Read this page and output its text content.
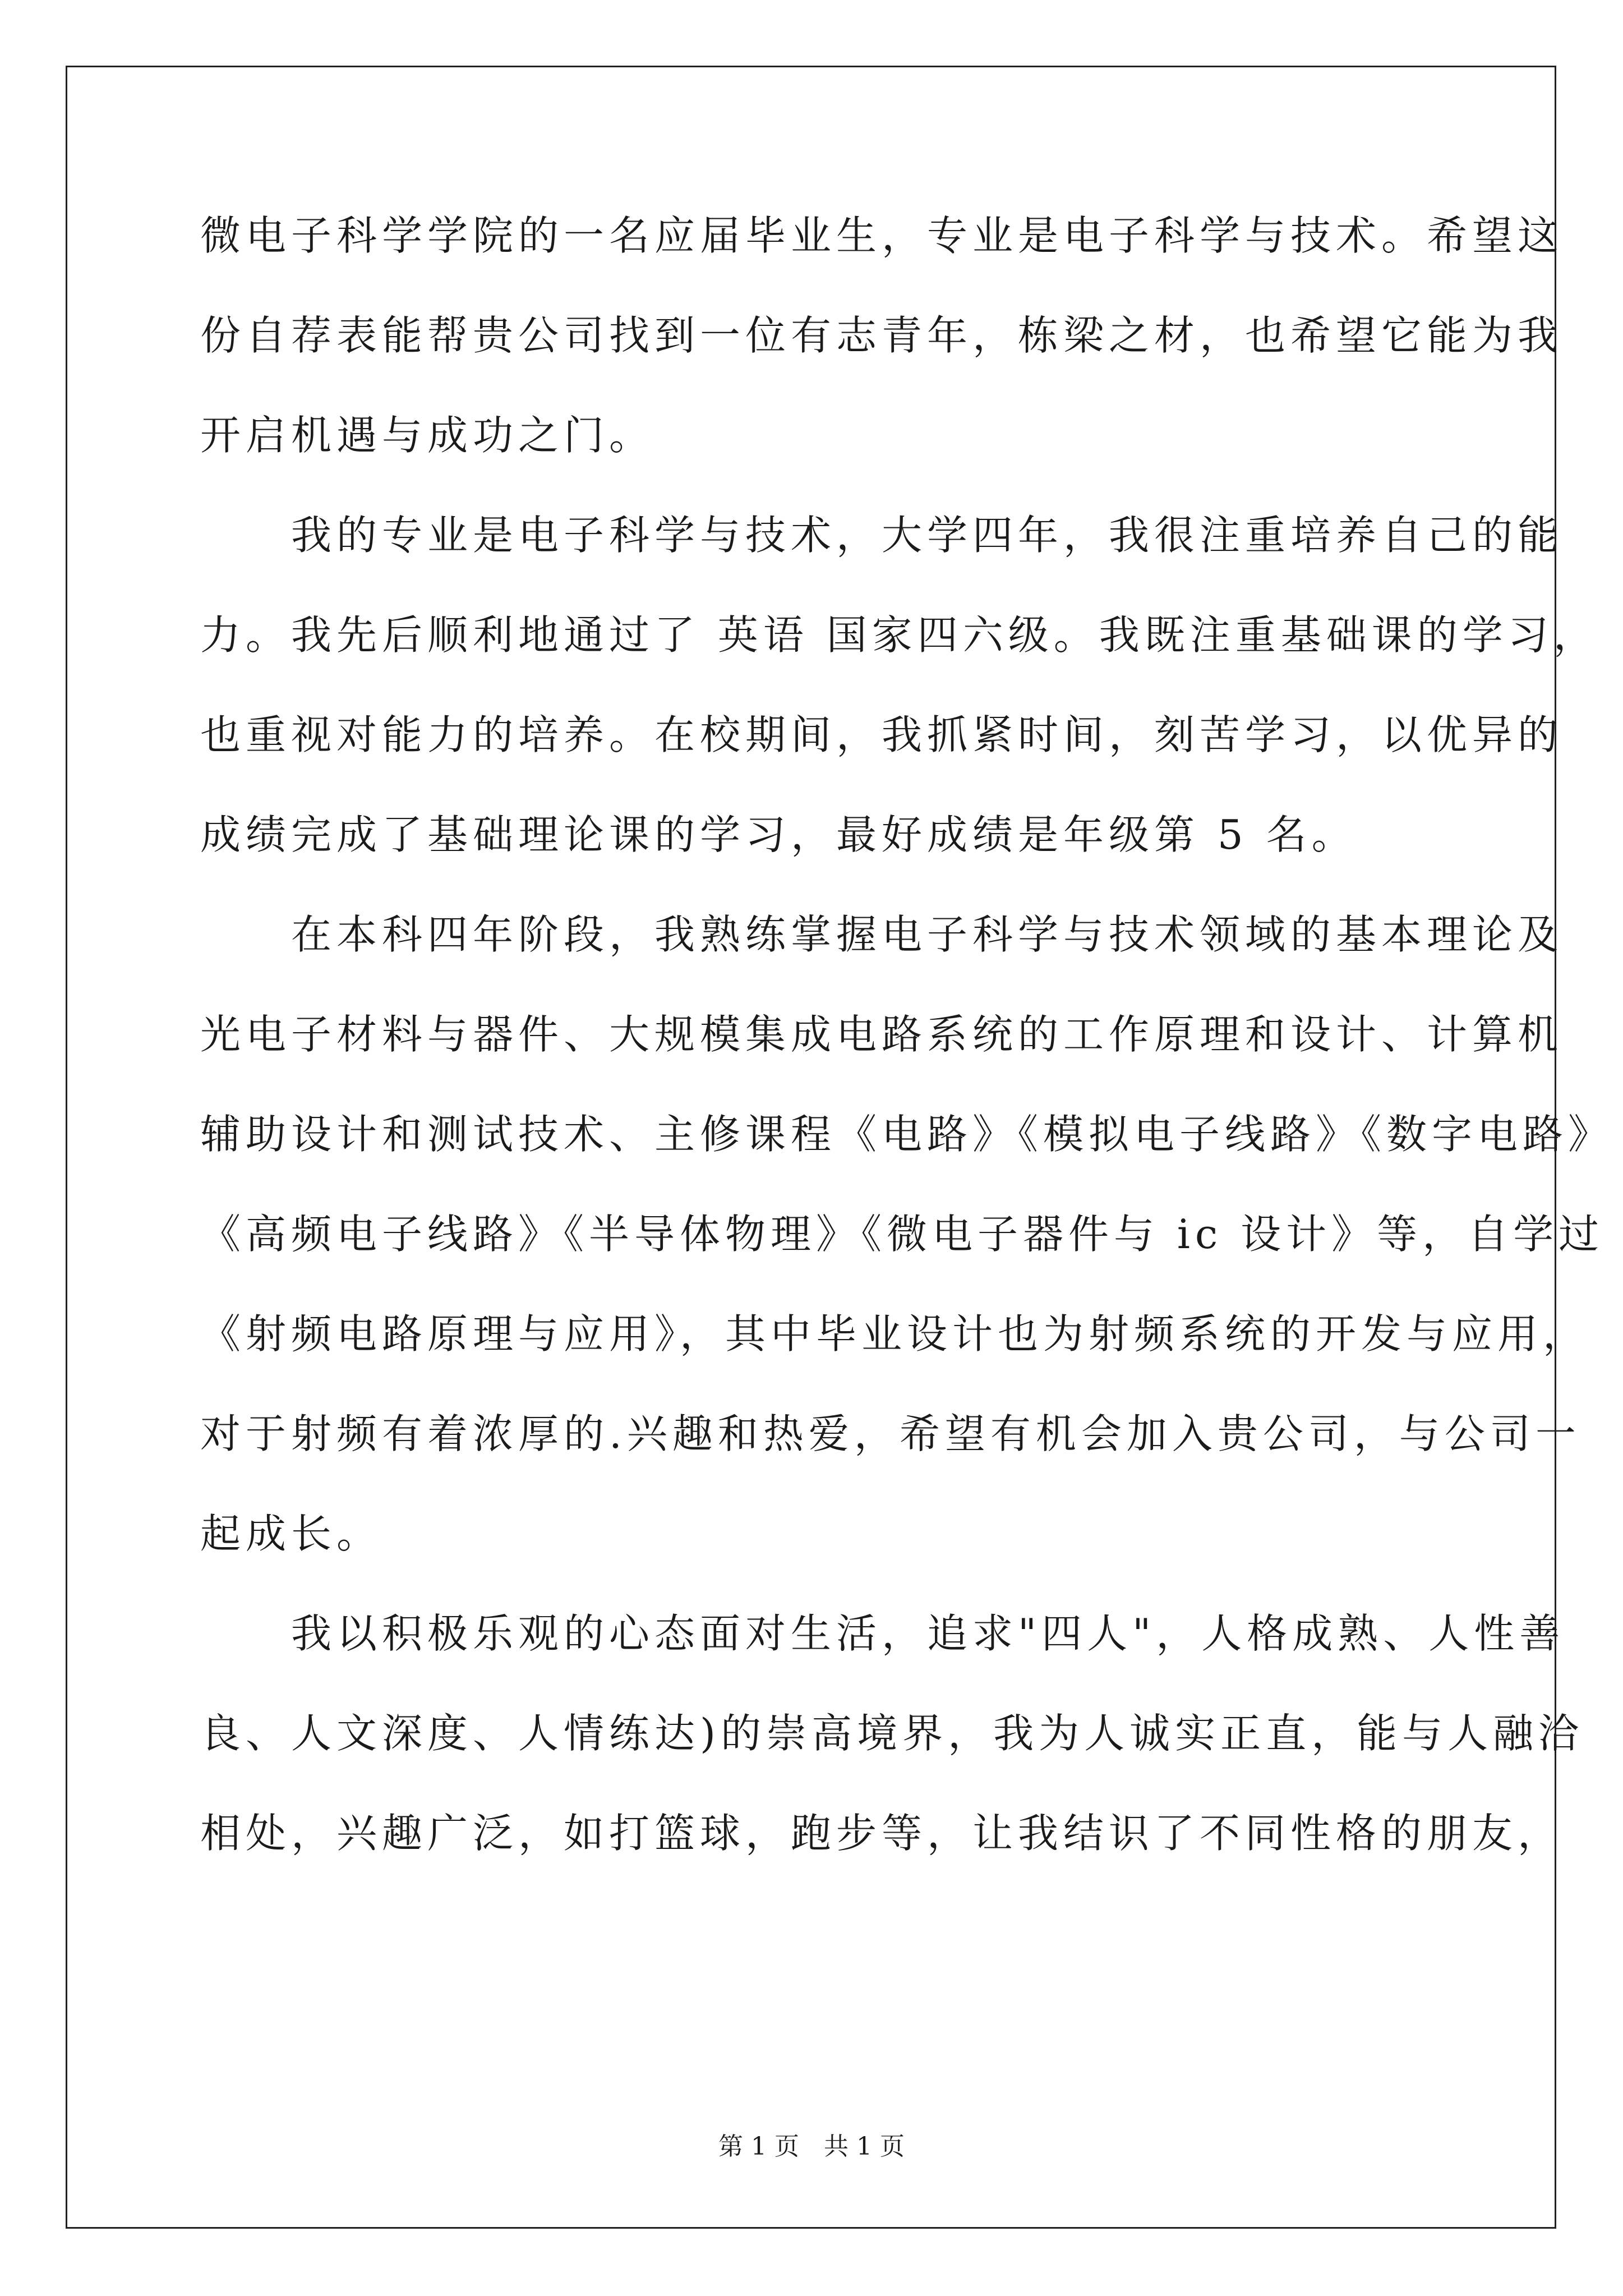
微电子科学学院的一名应届毕业生，专业是电子科学与技术。希望这
份自荐表能帮贵公司找到一位有志青年，栋梁之材，也希望它能为我
开启机遇与成功之门。
　　我的专业是电子科学与技术，大学四年，我很注重培养自己的能
力。我先后顺利地通过了 英语 国家四六级。我既注重基础课的学习，
也重视对能力的培养。在校期间，我抓紧时间，刻苦学习，以优异的
成绩完成了基础理论课的学习，最好成绩是年级第 5 名。
　　在本科四年阶段，我熟练掌握电子科学与技术领域的基本理论及
光电子材料与器件、大规模集成电路系统的工作原理和设计、计算机
辅助设计和测试技术、主修课程《电路》《模拟电子线路》《数字电路》
《高频电子线路》《半导体物理》《微电子器件与 ic 设计》等，自学过
《射频电路原理与应用》，其中毕业设计也为射频系统的开发与应用，
对于射频有着浓厚的.兴趣和热爱，希望有机会加入贵公司，与公司一
起成长。
　　我以积极乐观的心态面对生活，追求"四人"，人格成熟、人性善
良、人文深度、人情练达)的崇高境界，我为人诚实正直，能与人融洽
相处，兴趣广泛，如打篮球，跑步等，让我结识了不同性格的朋友，
第 1 页　共 1 页
